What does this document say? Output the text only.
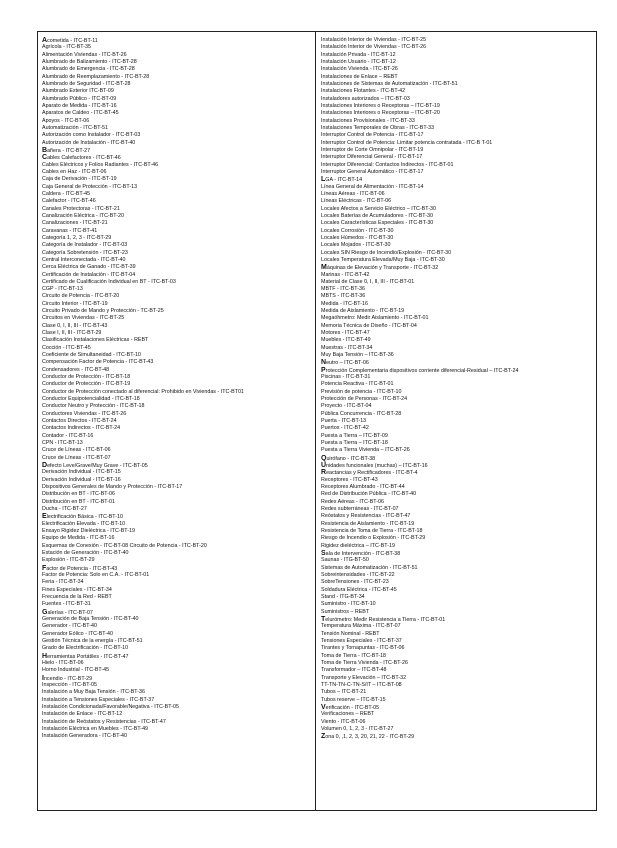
Acometida - ITC-BT-11
Agrícola - ITC-BT-35
Alimentación Viviendas - ITC-BT-26
Alumbrado de Balizamiento - ITC-BT-28
Alumbrado de Emergencia - ITC-BT-28
Alumbrado de Reemplazamiento - ITC-BT-28
Alumbrado de Seguridad - ITC-BT-28
Alumbrado Exterior ITC-BT-09
Alumbrado Público - ITC-BT-09
Aparato de Medida - ITC-BT-16
Aparatos de Caldeo - ITC-BT-45
Apoyos - ITC-BT-06
Automatización - ITC-BT-51
Autorización como Instalador - ITC-BT-03
Autorización de Instalación - ITC-BT-40
Bañera - ITC-BT-27
Cables Calefactores - ITC-BT-46
Cables Eléctricos y Folios Radiantes - ITC-BT-46
Cables en Haz - ITC-BT-06
Caja de Derivación - ITC-BT-19
Caja General de Protección - ITC-BT-13
Caldera - ITC-BT-45
Calefactor - ITC-BT-46
Canales Protectoras - ITC-BT-21
Canalización Eléctrica - ITC-BT-20
Canalizaciones - ITC-BT-21
Caravanas - ITC-BT-41
Categoría 1, 2, 3 - ITC-BT-29
Categoría de Instalador - ITC-BT-03
Categoría Sobretensión - ITC-BT-23
Central Interconectada - ITC-BT-40
Cerca Eléctrica de Ganado - ITC-BT-39
Certificación de Instalación - ITC-BT-04
Certificado de Cualificación Individual en BT - ITC-BT-03
CGP - ITC-BT-13
Circuito de Potencia - ITC-BT-20
Circuito Interior - ITC-BT-19
Circuito Privado de Mando y Protección - TC-BT-25
Circuitos en Viviendas - ITC-BT-25
Clase 0, I, II, III - ITC-BT-43
Clase I, II, III - ITC-BT-29
Clasificación Instalaciones Eléctricas - REBT
Cocción - ITC-BT-45
Coeficiente de Simultaneidad - ITC-BT-10
Compensación Factor de Potencia - ITC-BT-43
Condensadores - ITC-BT-48
Conductor de Protección - ITC-BT-18
Conductor de Protección - ITC-BT-19
Conductor de Protección conectado al diferencial: Prohibido en Viviendas - ITC-BT01
Conductor Equipotencialidad - ITC-BT-18
Conductor Neutro y Protección - ITC-BT-18
Conductores Viviendas - ITC-BT-26
Contactos Directos - ITC-BT-24
Contactos Indirectos - ITC-BT-24
Contador - ITC-BT-16
CPN - ITC-BT-13
Cruce de Líneas - ITC-BT-06
Cruce de Líneas - ITC-BT-07
Defecto Leve/Grave/Muy Grave - ITC-BT-05
Derivación Individual - ITC-BT-15
Derivación Individual - ITC-BT-16
Dispositivos Generales de Mando y Protección - ITC-BT-17
Distribución en BT - ITC-BT-06
Distribución en BT - ITC-BT-01
Ducha - ITC-BT-27
Electrificación Básica - ITC-BT-10
Electrificación Elevada - ITC-BT-10
Ensayo Rigidez Dieléctrica - ITC-BT-19
Equipo de Medida - ITC-BT-16
Esquemas de Conexión - ITC-BT-08 Circuito de Potencia - ITC-BT-20
Estación de Generación - ITC-BT-40
Explosión - ITC-BT-29
Factor de Potencia - ITC-BT-43
Factor de Potencia: Solo en C.A. - ITC-BT-01
Feria - ITC-BT-34
Fines Especiales - ITC-BT-34
Frecuencia de la Red - REBT
Fuentes - ITC-BT-31
Galerías - ITC-BT-07
Generación de Baja Tensión - ITC-BT-40
Generador - ITC-BT-40
Generador Eólico - ITC-BT-40
Gestión Técnica de la energía - ITC-BT-51
Grado de Electrificación - ITC-BT-10
Herramientas Portátiles - ITC-BT-47
Hielo - ITC-BT-06
Horno Industrial - ITC-BT-45
Incendio - ITC-BT-29
Inspección - ITC-BT-05
Instalación a Muy Baja Tensión - ITC-BT-36
Instalación a Tensiones Especiales - ITC-BT-37
Instalación Condicionada/Favorable/Negativa - ITC-BT-05
Instalación de Enlace - ITC-BT-12
Instalación de Reóstatos y Resistencias - ITC-BT-47
Instalación Eléctrica en Muebles - ITC-BT-49
Instalación Generadora - ITC-BT-40
Instalación Interior de Viviendas - ITC-BT-25
Instalación Interior de Viviendas - ITC-BT-26
Instalación Privada - ITC-BT-12
Instalación Usuario - ITC-BT-12
Instalación Vivienda - ITC-BT-26
Instalaciones de Enlace – REBT
Instalaciones de Sistemas de Automatización - ITC-BT-51
Instalaciones Flotantes - ITC-BT-42
Instaladores autorizados – ITC-BT-03
Instalaciones Interiores o Receptoras – ITC-BT-19
Instalaciones Interiores o Receptoras – ITC-BT-20
Instalaciones Provisionales - ITC-BT-33
Instalaciones Temporales de Obras - ITC-BT-33
Interruptor Control de Potencia - ITC-BT-17
Interruptor Control de Potencia: Limitar potencia contratada - ITC-B T-01
Interruptor de Corte Omnipolar - ITC-BT-19
Interruptor Diferencial General - ITC-BT-17
Interruptor Diferencial: Contactos Indirectos - ITC-BT-01
Interruptor General Automático - ITC-BT-17
LGA - ITC-BT-14
Línea General de Alimentación - ITC-BT-14
Líneas Aéreas - ITC-BT-06
Líneas Eléctricas - ITC-BT-06
Locales Afectos a Servicio Eléctrico – ITC-BT-30
Locales Baterías de Acumuladores - ITC-BT-30
Locales Características Especiales - ITC-BT-30
Locales Corrosión - ITC-BT-30
Locales Húmedos - ITC-BT-30
Locales Mojados - ITC-BT-30
Locales SIN Riesgo de Incendio/Explosión - ITC-BT-30
Locales Temperatura Elevada/Muy Baja - ITC-BT-30
Máquinas de Elevación y Transporte - ITC-BT-32
Marinas - ITC-BT-42
Material de Clase 0, I, II, III - ITC-BT-01
MBTF - ITC-BT-36
MBTS - ITC-BT-36
Medida - ITC-BT-16
Medida de Aislamiento - ITC-BT-19
Megaóhmetro: Medir Aislamiento - ITC-BT-01
Memoria Técnica de Diseño - ITC-BT-04
Motores - ITC-BT-47
Muebles - ITC-BT-49
Muestras - ITC-BT-34
Muy Baja Tensión – ITC-BT-36
Neutro – ITC-BT-06
Protección Complementaria dispositivos corriente diferencial-Residual – ITC-BT-24
Piscinas - ITC-BT-31
Potencia Reactiva - ITC-BT-01
Previsión de potencia - ITC-BT-10
Protección de Personas - ITC-BT-24
Proyecto - ITC-BT-04
Pública Concurrencia - ITC-BT-28
Puerta - ITC-BT-13
Puertos - ITC-BT-42
Puesta a Tierra – ITC-BT-09
Puesta a Tierra – ITC-BT-18
Puesta a Tierra Vivienda – ITC-BT-26
Quirófano - ITC-BT-38
Unidades funcionales (muchas) – ITC-BT-16
Reactancias y Rectificadores - ITC-BT-4
Receptores - ITC-BT-43
Receptores Alumbrado - ITC-BT-44
Red de Distribución Pública - ITC-BT-40
Redes Aéreas - ITC-BT-06
Redes subterráneas - ITC-BT-07
Reóstatos y Resistencias - ITC-BT-47
Resistencia de Aislamiento - ITC-BT-19
Resistencia de Toma de Tierra - ITC-BT-18
Riesgo de Incendio o Explosión - ITC-BT-29
Rigidez dieléctrica – ITC-BT-19
Sala de Intervención - ITC-BT-38
Saunas - ITG-BT-50
Sistemas de Automatización - ITC-BT-51
Sobreintensidades - ITC-BT-22
SobreTensiones - ITC-BT-23
Soldadura Eléctrica - ITC-BT-45
Stand - ITG-BT-34
Suministro - ITC-BT-10
Suministros – REBT
Telurómetro: Medir Resistencia a Tierra - ITC-BT-01
Temperatura Máxima - ITC-BT-07
Tensión Nominal - REBT
Tensiones Especiales - ITC-BT-37
Tirantes y Tornapuntas - ITC-BT-06
Toma de Tierra - ITC-BT-18
Toma de Tierra Vivienda - ITC-BT-26
Transformador – ITC-BT-48
Transporte y Elevación – ITC-BT-32
TT-TN-TN-C-TN-S/IT – ITC-BT-08
Tubos – ITC-BT-21
Tubos reserve – ITC-BT-15
Verificación - ITC-BT-05
Verificaciones – REBT
Viento - ITC-BT-06
Volumen 0, 1, 2, 3 - ITC-BT-27
Zona 0, ,1, 2, 3, 20, 21, 22 - ITC-BT-29
